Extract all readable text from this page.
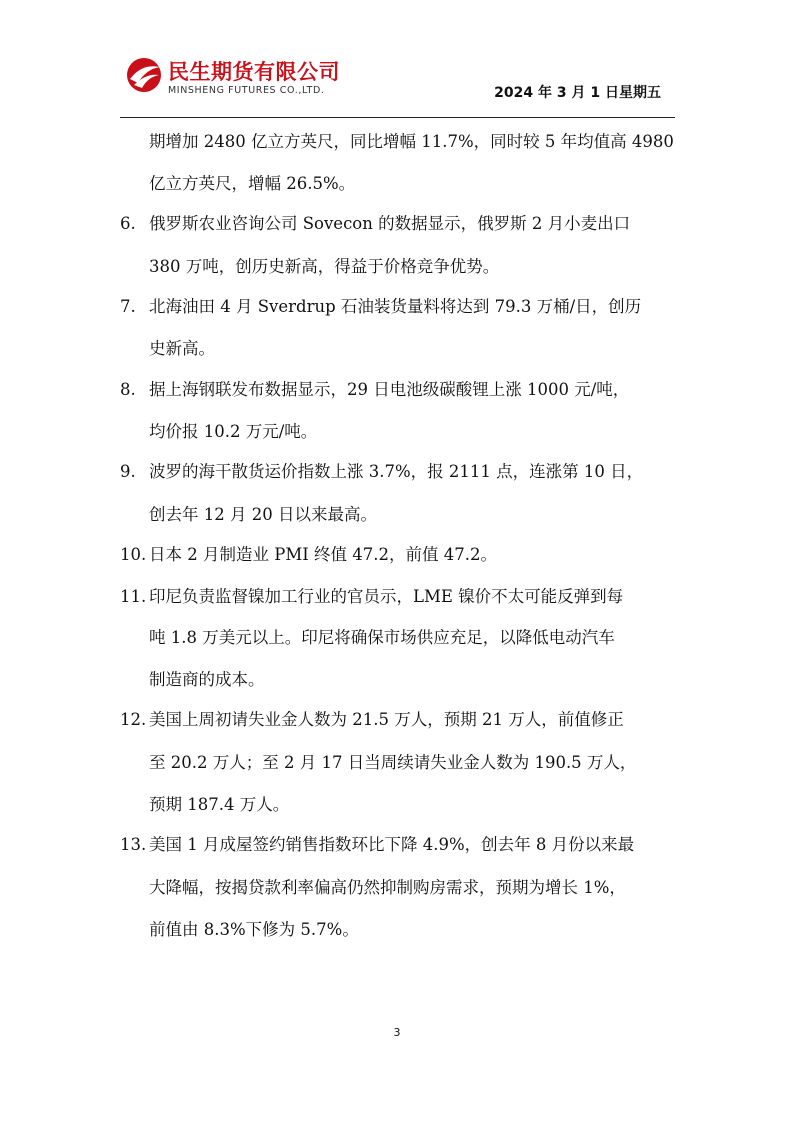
民生期货有限公司
MINSHENG FUTURES CO.,LTD.	2024 年 3 月 1 日星期五
期增加 2480 亿立方英尺，同比增幅 11.7%，同时较 5 年均值高 4980
亿立方英尺，增幅 26.5%。
6. 俄罗斯农业咨询公司 Sovecon 的数据显示，俄罗斯 2 月小麦出口
380 万吨，创历史新高，得益于价格竞争优势。
7. 北海油田 4 月 Sverdrup 石油装货量料将达到 79.3 万桶/日，创历
史新高。
8. 据上海钢联发布数据显示，29 日电池级碳酸锂上涨 1000 元/吨，
均价报 10.2 万元/吨。
9. 波罗的海干散货运价指数上涨 3.7%，报 2111 点，连涨第 10 日，
创去年 12 月 20 日以来最高。
10. 日本 2 月制造业 PMI 终值 47.2，前值 47.2。
11. 印尼负责监督镍加工行业的官员示，LME 镍价不太可能反弹到每
吨 1.8 万美元以上。印尼将确保市场供应充足，以降低电动汽车
制造商的成本。
12. 美国上周初请失业金人数为 21.5 万人，预期 21 万人，前值修正
至 20.2 万人；至 2 月 17 日当周续请失业金人数为 190.5 万人，
预期 187.4 万人。
13. 美国 1 月成屋签约销售指数环比下降 4.9%，创去年 8 月份以来最
大降幅，按揭贷款利率偏高仍然抑制购房需求，预期为增长 1%，
前值由 8.3%下修为 5.7%。
3
